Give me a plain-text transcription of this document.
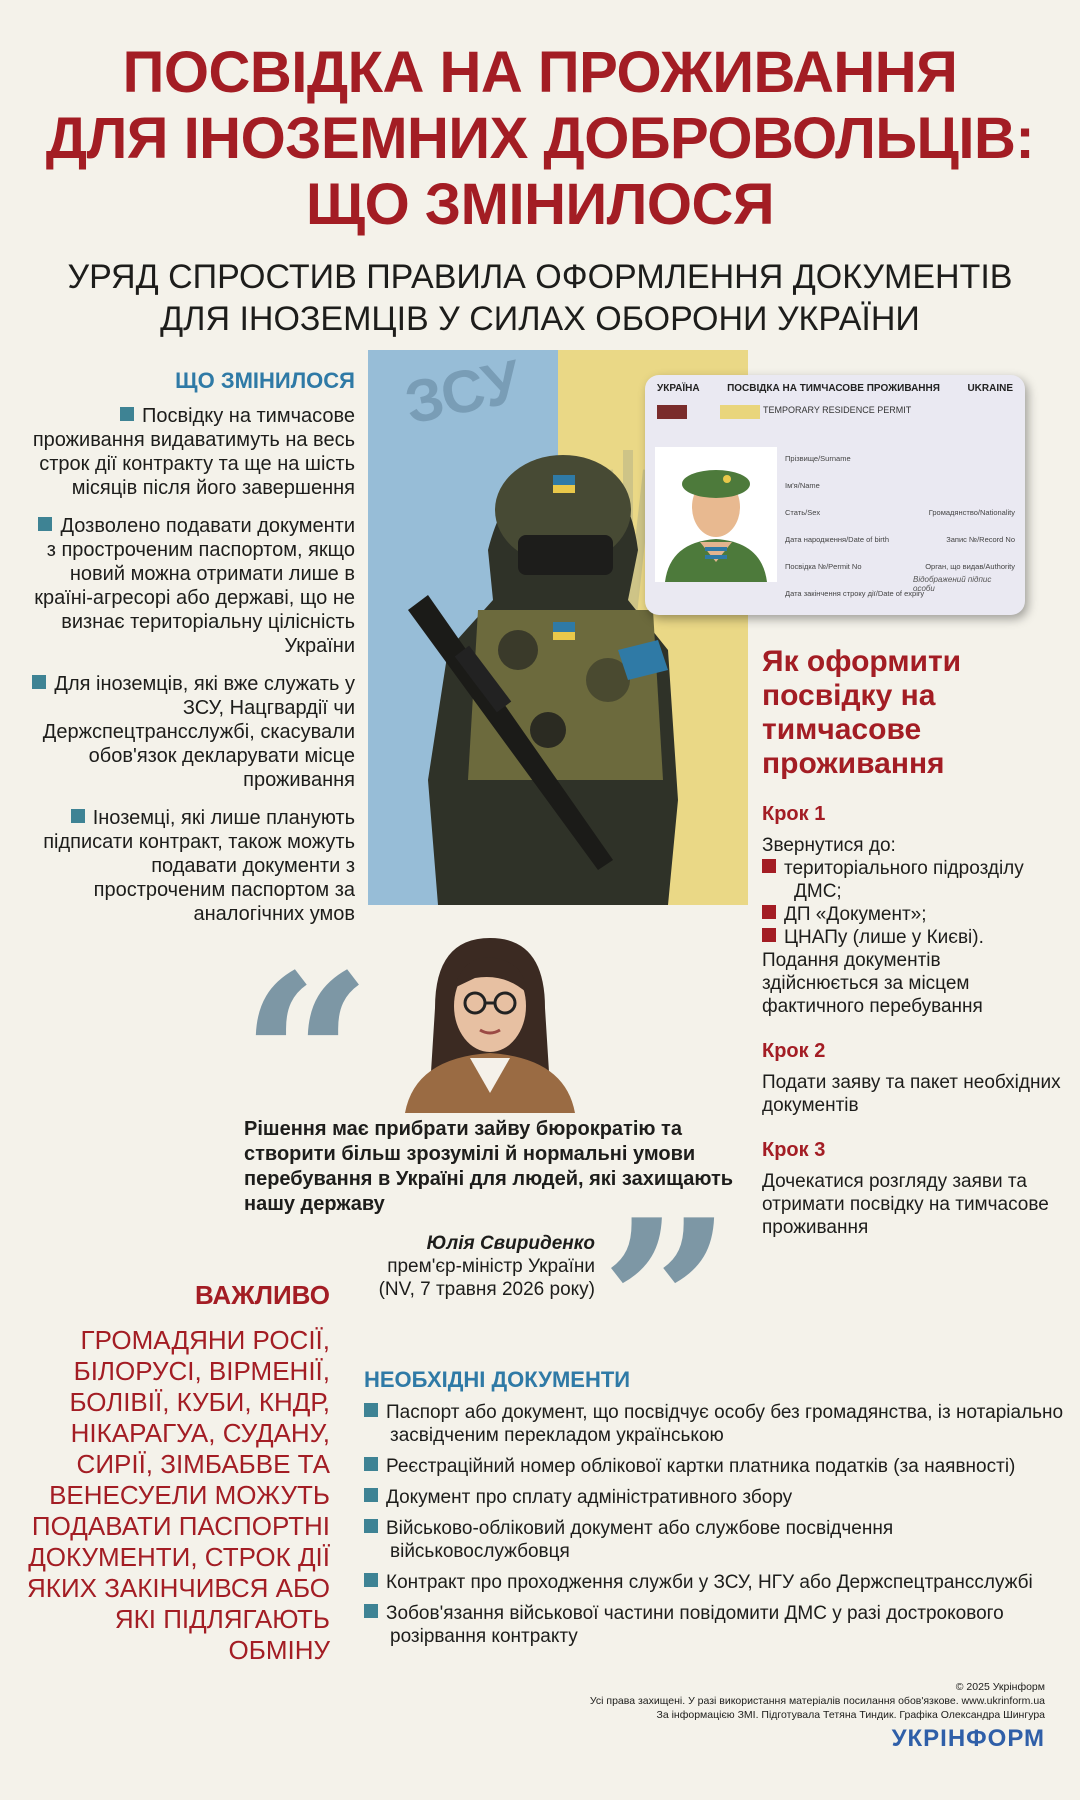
ПОСВІДКА НА ПРОЖИВАННЯ
ДЛЯ ІНОЗЕМНИХ ДОБРОВОЛЬЦІВ:
ЩО ЗМІНИЛОСЯ
УРЯД СПРОСТИВ ПРАВИЛА ОФОРМЛЕННЯ ДОКУМЕНТІВ
ДЛЯ ІНОЗЕМЦІВ У СИЛАХ ОБОРОНИ УКРАЇНИ
ЗСУ	УКРАЇНА	ПОСВІДКА НА ТИМЧАСОВЕ ПРОЖИВАННЯ	UKRAINE
TEMPORARY RESIDENCE PERMIT
Прізвище/Surname
Ім'я/Name
Стать/Sex	Громадянство/Nationality
Дата народження/Date of birth	Запис №/Record No
Посвідка №/Permit No	Орган, що видав/Authority
Дата закінчення строку дії/Date of expiry
Відображений підпис особи
ЩО ЗМІНИЛОСЯ
Посвідку на тимчасове проживання видаватимуть на весь строк дії контракту та ще на шість місяців після його завершення
Дозволено подавати документи з простроченим паспортом, якщо новий можна отримати лише в країні-агресорі або державі, що не визнає територіальну цілісність України
Для іноземців, які вже служать у ЗСУ, Нацгвардії чи Держспецтрансслужбі, скасували обов'язок декларувати місце проживання
Іноземці, які лише планують підписати контракт, також можуть подавати документи з простроченим паспортом за аналогічних умов
Як оформити посвідку на тимчасове проживання
Крок 1
Звернутися до:
територіального підрозділу ДМС;
ДП «Документ»;
ЦНАПу (лише у Києві).
Подання документів здійснюється за місцем фактичного перебування
Крок 2
Подати заяву та пакет необхідних документів
Крок 3
Дочекатися розгляду заяви та отримати посвідку на тимчасове проживання
“
”
Рішення має прибрати зайву бюрократію та створити більш зрозумілі й нормальні умови перебування в Україні для людей, які захищають нашу державу
Юлія Свириденко
прем'єр-міністр України
(NV, 7 травня 2026 року)
ВАЖЛИВО
ГРОМАДЯНИ РОСІЇ, БІЛОРУСІ, ВІРМЕНІЇ, БОЛІВІЇ, КУБИ, КНДР, НІКАРАГУА, СУДАНУ, СИРІЇ, ЗІМБАБВЕ ТА ВЕНЕСУЕЛИ МОЖУТЬ ПОДАВАТИ ПАСПОРТНІ ДОКУМЕНТИ, СТРОК ДІЇ ЯКИХ ЗАКІНЧИВСЯ АБО ЯКІ ПІДЛЯГАЮТЬ ОБМІНУ
НЕОБХІДНІ ДОКУМЕНТИ
Паспорт або документ, що посвідчує особу без громадянства, із нотаріально засвідченим перекладом українською
Реєстраційний номер облікової картки платника податків (за наявності)
Документ про сплату адміністративного збору
Військово-обліковий документ або службове посвідчення військовослужбовця
Контракт про проходження служби у ЗСУ, НГУ або Держспецтрансслужбі
Зобов'язання військової частини повідомити ДМС у разі дострокового розірвання контракту
© 2025 Укрінформ
Усі права захищені. У разі використання матеріалів посилання обов'язкове. www.ukrinform.ua
За інформацією ЗМІ. Підготувала Тетяна Тиндик. Графіка Олександра Шингура
УКРІНФОРМ
